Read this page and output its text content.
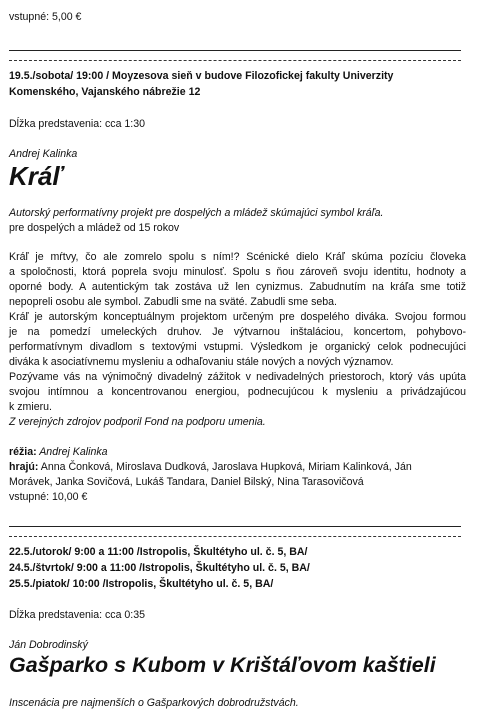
vstupné: 5,00 €
19.5./sobota/ 19:00 / Moyzesova sieň v budove Filozofickej fakulty Univerzity
Komenského, Vajanského nábrežie 12
Dĺžka predstavenia: cca 1:30
Andrej Kalinka
Kráľ
Autorský performatívny projekt pre dospelých a mládež skúmajúci symbol kráľa.
pre dospelých a mládež od 15 rokov
Kráľ je mŕtvy, čo ale zomrelo spolu s ním!? Scénické dielo Kráľ skúma pozíciu človeka
a spoločnosti, ktorá poprela svoju minulosť. Spolu s ňou zároveň svoju identitu, hodnoty a
oporné body. A autentickým tak zostáva už len cynizmus. Zabudnutím na kráľa sme totiž
nepopreli osobu ale symbol. Zabudli sme na sväté. Zabudli sme seba.
Kráľ je autorským konceptuálnym projektom určeným pre dospelého diváka. Svojou formou
je na pomedzí umeleckých druhov. Je výtvarnou inštaláciou, koncertom, pohybovo-
performatívnym divadlom s textovými vstupmi. Výsledkom je organický celok podnecujúci
diváka k asociatívnemu mysleniu a odhaľovaniu stále nových a nových významov.
Pozývame vás na výnimočný divadelný zážitok v nedivadelných priestoroch, ktorý vás upúta
svojou intímnou a koncentrovanou energiou, podnecujúcou k mysleniu a privádzajúcou
k zmieru.
Z verejných zdrojov podporil Fond na podporu umenia.
réžia: Andrej Kalinka
hrajú: Anna Čonková, Miroslava Dudková, Jaroslava Hupková, Miriam Kalinková, Ján
Morávek, Janka Sovičová, Lukáš Tandara, Daniel Bilský, Nina Tarasovičová
vstupné: 10,00 €
22.5./utorok/ 9:00 a 11:00 /Istropolis, Škultétyho ul. č. 5, BA/
24.5./štvrtok/ 9:00 a 11:00 /Istropolis, Škultétyho ul. č. 5, BA/
25.5./piatok/ 10:00 /Istropolis, Škultétyho ul. č. 5, BA/
Dĺžka predstavenia: cca 0:35
Ján Dobrodinský
Gašparko s Kubom v Krištáľovom kaštieli
Inscenácia pre najmenších o Gašparkových dobrodružstvách.
